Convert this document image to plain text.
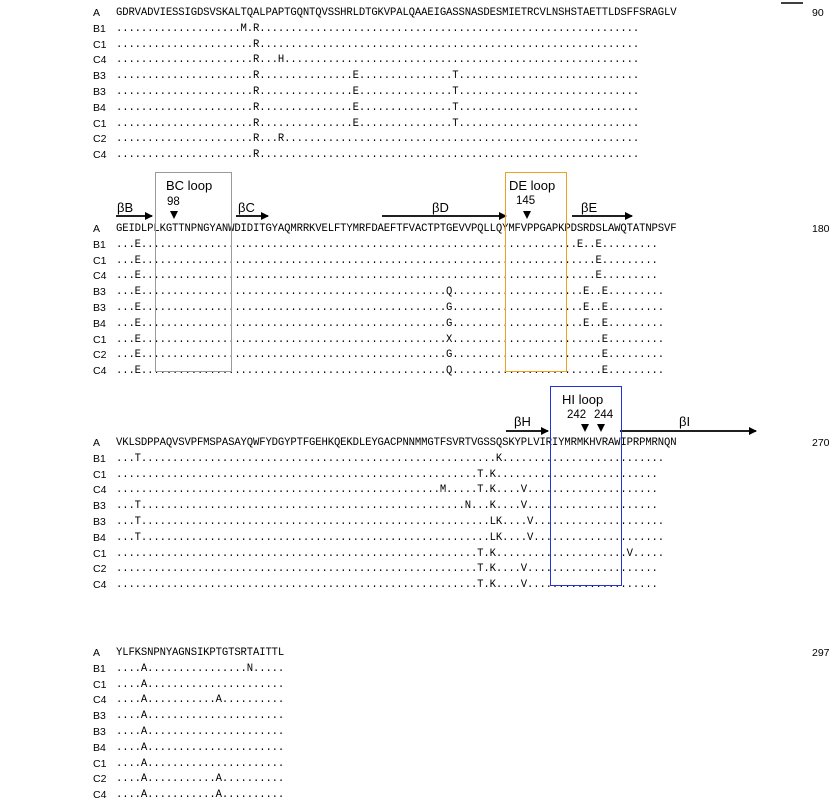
A GDRVADVIESSIGDSVSKALTQALPAPTGQNTQVSSHRLDTGKVPALQAAEIGASSNASDESMIETRCVLNSHSTAETTLDSFFSRAGLV	90
B1 ....................M.R.............................................................
C1 ......................R.............................................................
C4 ......................R...H.........................................................
B3 ......................R...............E...............T.............................
B3 ......................R...............E...............T.............................
B4 ......................R...............E...............T.............................
C1 ......................R...............E...............T.............................
C2 ......................R...R.........................................................
C4 ......................R.............................................................
A GEIDLPLKGTTNPNGYANWDIDITGYAQMRRKVELFTYMRFDAEFTFVACTPTGEVVPQLLQYMFVPPGAPKPDSRDSLAWQTATNPSVF	180
B1 ...E......................................................................E..E.........
C1 ...E.........................................................................E.........
C4 ...E.........................................................................E.........
B3 ...E.................................................Q.....................E..E.........
B3 ...E.................................................G.....................E..E.........
B4 ...E.................................................G.....................E..E.........
C1 ...E.................................................X........................E.........
C2 ...E.................................................G........................E.........
C4 ...E.................................................Q........................E.........
A VKLSDPPAQVSVPFMSPASAYQWFYDGYPTFGEHKQEKDLEYGACPNNMMGTFSVRTVGSSQSKYPLVIRIYMRMKHVRAWIPRPMRNQN	270
B1 ...T.........................................................K..........................
C1 ..........................................................T.K..........................
C4 ....................................................M.....T.K....V.....................
B3 ...T....................................................N...K....V.....................
B3 ...T........................................................LK....V.....................
B4 ...T........................................................LK....V.....................
C1 ..........................................................T.K.....................V.....
C2 ..........................................................T.K....V.....................
C4 ..........................................................T.K....V.....................
A YLFKSNPNYAGNSIKPTGTSRTAITTL	297
B1 ....A................N.....
C1 ....A......................
C4 ....A...........A..........
B3 ....A......................
B3 ....A......................
B4 ....A......................
C1 ....A......................
C2 ....A...........A..........
C4 ....A...........A..........
BC loop	DE loop
HI loop
98	145
242 244
βB	βC	βD	βE
βH	βI
